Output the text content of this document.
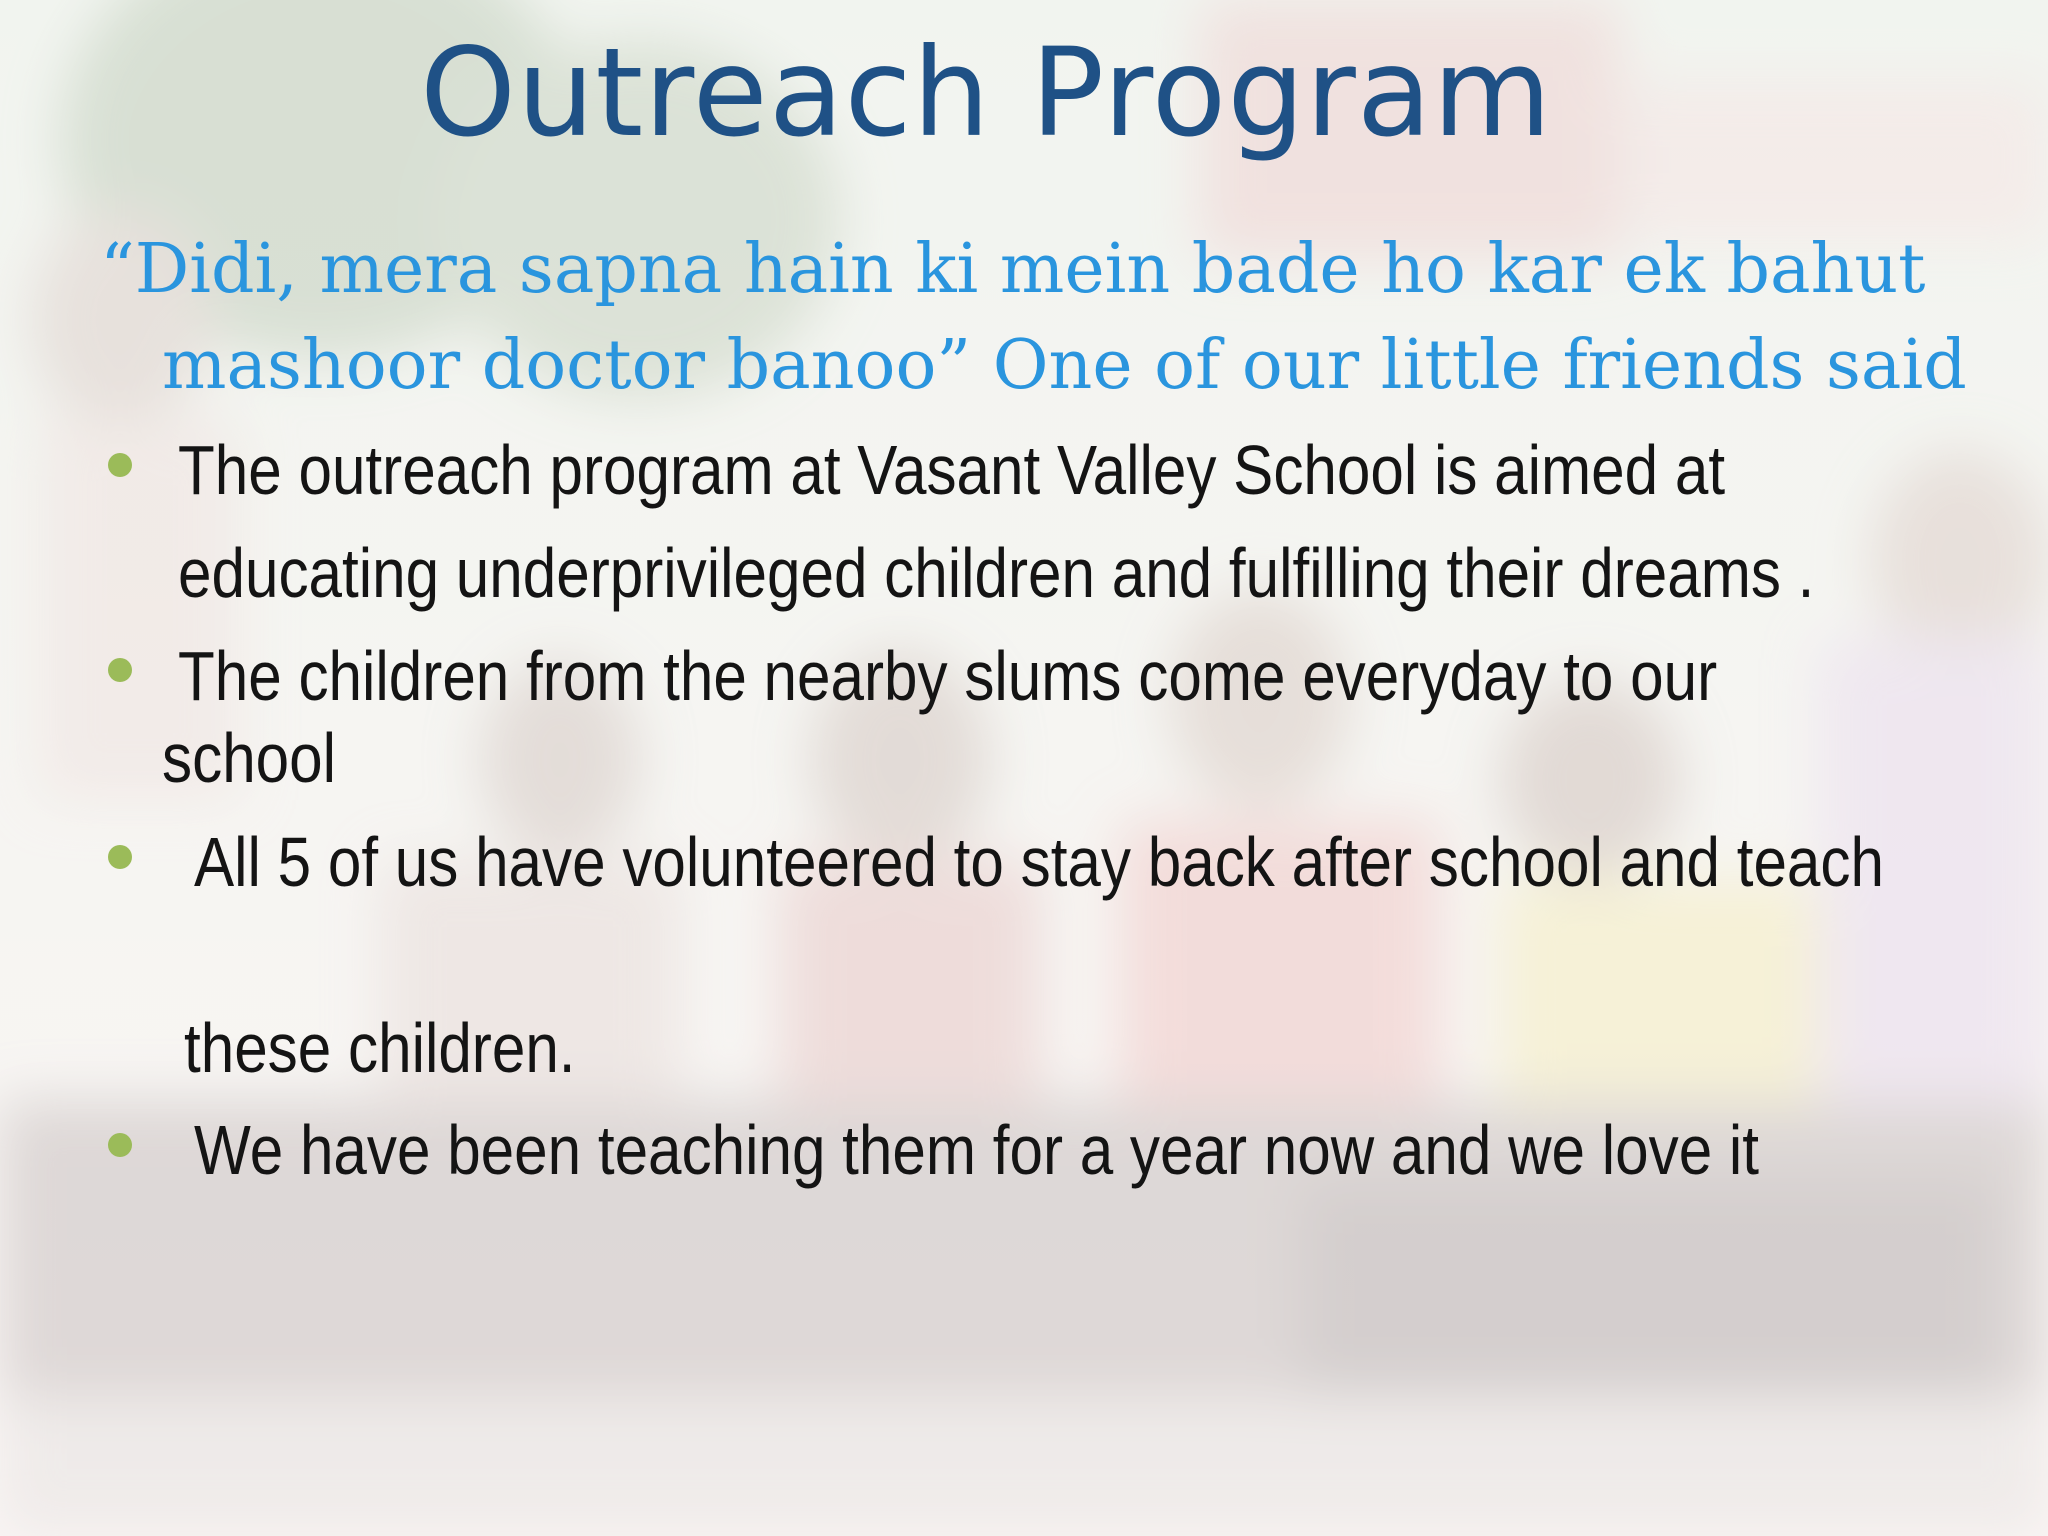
Outreach Program
“Didi, mera sapna hain ki mein bade ho kar ek bahut
mashoor doctor banoo” One of our little friends said
The outreach program at Vasant Valley School is aimed at
educating underprivileged children and fulfilling their dreams .
The children from the nearby slums come everyday to our
school
All 5 of us have volunteered to stay back after school and teach
these children.
We have been teaching them for a year now and we love it
